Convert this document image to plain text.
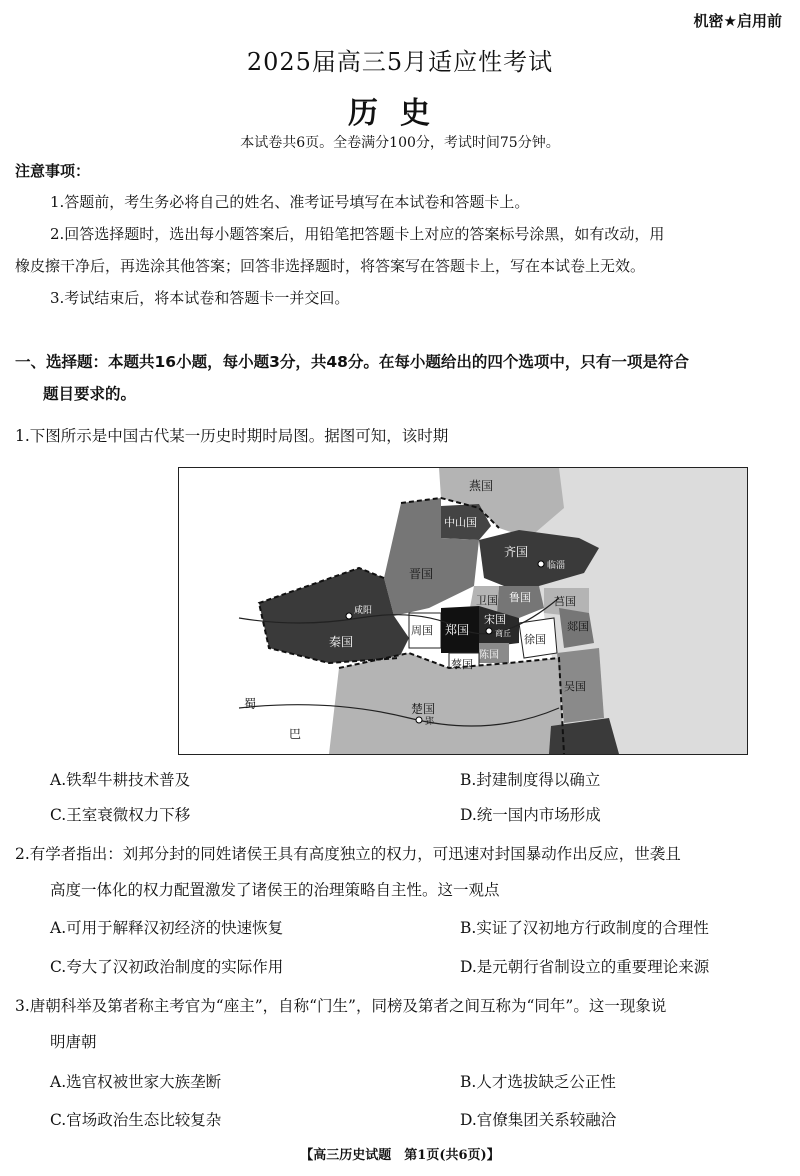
机密★启用前
2025届高三5月适应性考试
历史
本试卷共6页。全卷满分100分，考试时间75分钟。
注意事项：
1.答题前，考生务必将自己的姓名、准考证号填写在本试卷和答题卡上。
2.回答选择题时，选出每小题答案后，用铅笔把答题卡上对应的答案标号涂黑，如有改动，用
橡皮擦干净后，再选涂其他答案；回答非选择题时，将答案写在答题卡上，写在本试卷上无效。
3.考试结束后，将本试卷和答题卡一并交回。
一、选择题：本题共16小题，每小题3分，共48分。在每小题给出的四个选项中，只有一项是符合
题目要求的。
1.下图所示是中国古代某一历史时期时局图。据图可知，该时期
燕国
中山国
齐国
临淄
晋国
卫国 鲁国 莒国
郯国
咸阳
秦国
周国 郑国
宋国
商丘 徐国
陈国
蔡国
吴国
蜀
巴
楚国
郢
A.铁犁牛耕技术普及	B.封建制度得以确立
C.王室衰微权力下移	D.统一国内市场形成
2.有学者指出：刘邦分封的同姓诸侯王具有高度独立的权力，可迅速对封国暴动作出反应，世袭且
高度一体化的权力配置激发了诸侯王的治理策略自主性。这一观点
A.可用于解释汉初经济的快速恢复	B.实证了汉初地方行政制度的合理性
C.夸大了汉初政治制度的实际作用	D.是元朝行省制设立的重要理论来源
3.唐朝科举及第者称主考官为“座主”，自称“门生”，同榜及第者之间互称为“同年”。这一现象说
明唐朝
A.选官权被世家大族垄断	B.人才选拔缺乏公正性
C.官场政治生态比较复杂	D.官僚集团关系较融洽
【高三历史试题　第1页(共6页)】
